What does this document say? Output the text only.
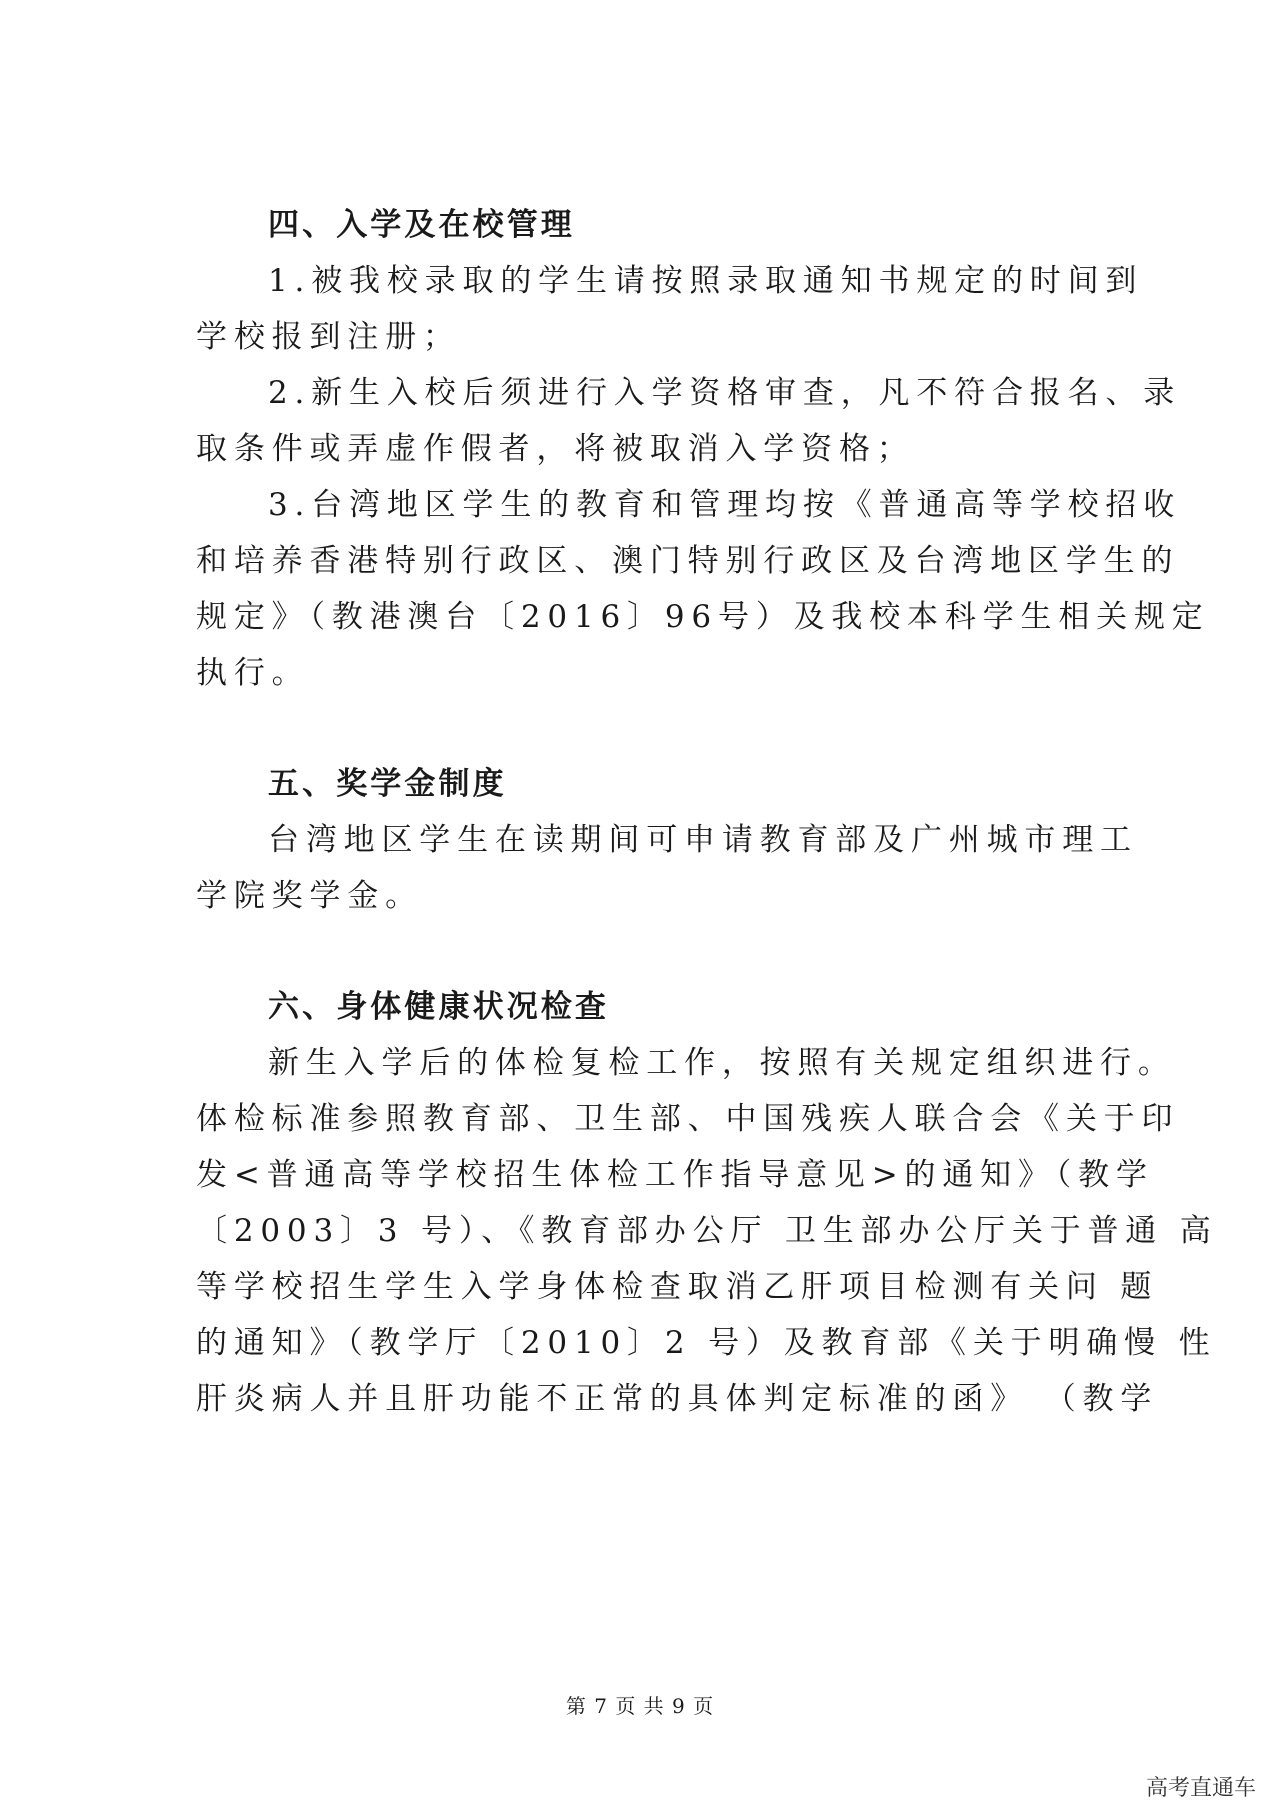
四、入学及在校管理
1.被我校录取的学生请按照录取通知书规定的时间到
学校报到注册；
2.新生入校后须进行入学资格审查，凡不符合报名、录
取条件或弄虚作假者，将被取消入学资格；
3.台湾地区学生的教育和管理均按《普通高等学校招收
和培养香港特别行政区、澳门特别行政区及台湾地区学生的
规定》（教港澳台〔2016〕96号）及我校本科学生相关规定
执行。
五、奖学金制度
台湾地区学生在读期间可申请教育部及广州城市理工
学院奖学金。
六、身体健康状况检查
新生入学后的体检复检工作，按照有关规定组织进行。
体检标准参照教育部、卫生部、中国残疾人联合会《关于印
发<普通高等学校招生体检工作指导意见>的通知》（教学
〔2003〕3 号）、《教育部办公厅 卫生部办公厅关于普通 高
等学校招生学生入学身体检查取消乙肝项目检测有关问 题
的通知》（教学厅〔2010〕2 号）及教育部《关于明确慢 性
肝炎病人并且肝功能不正常的具体判定标准的函》 （教学
第 7 页 共 9 页
高考直通车
